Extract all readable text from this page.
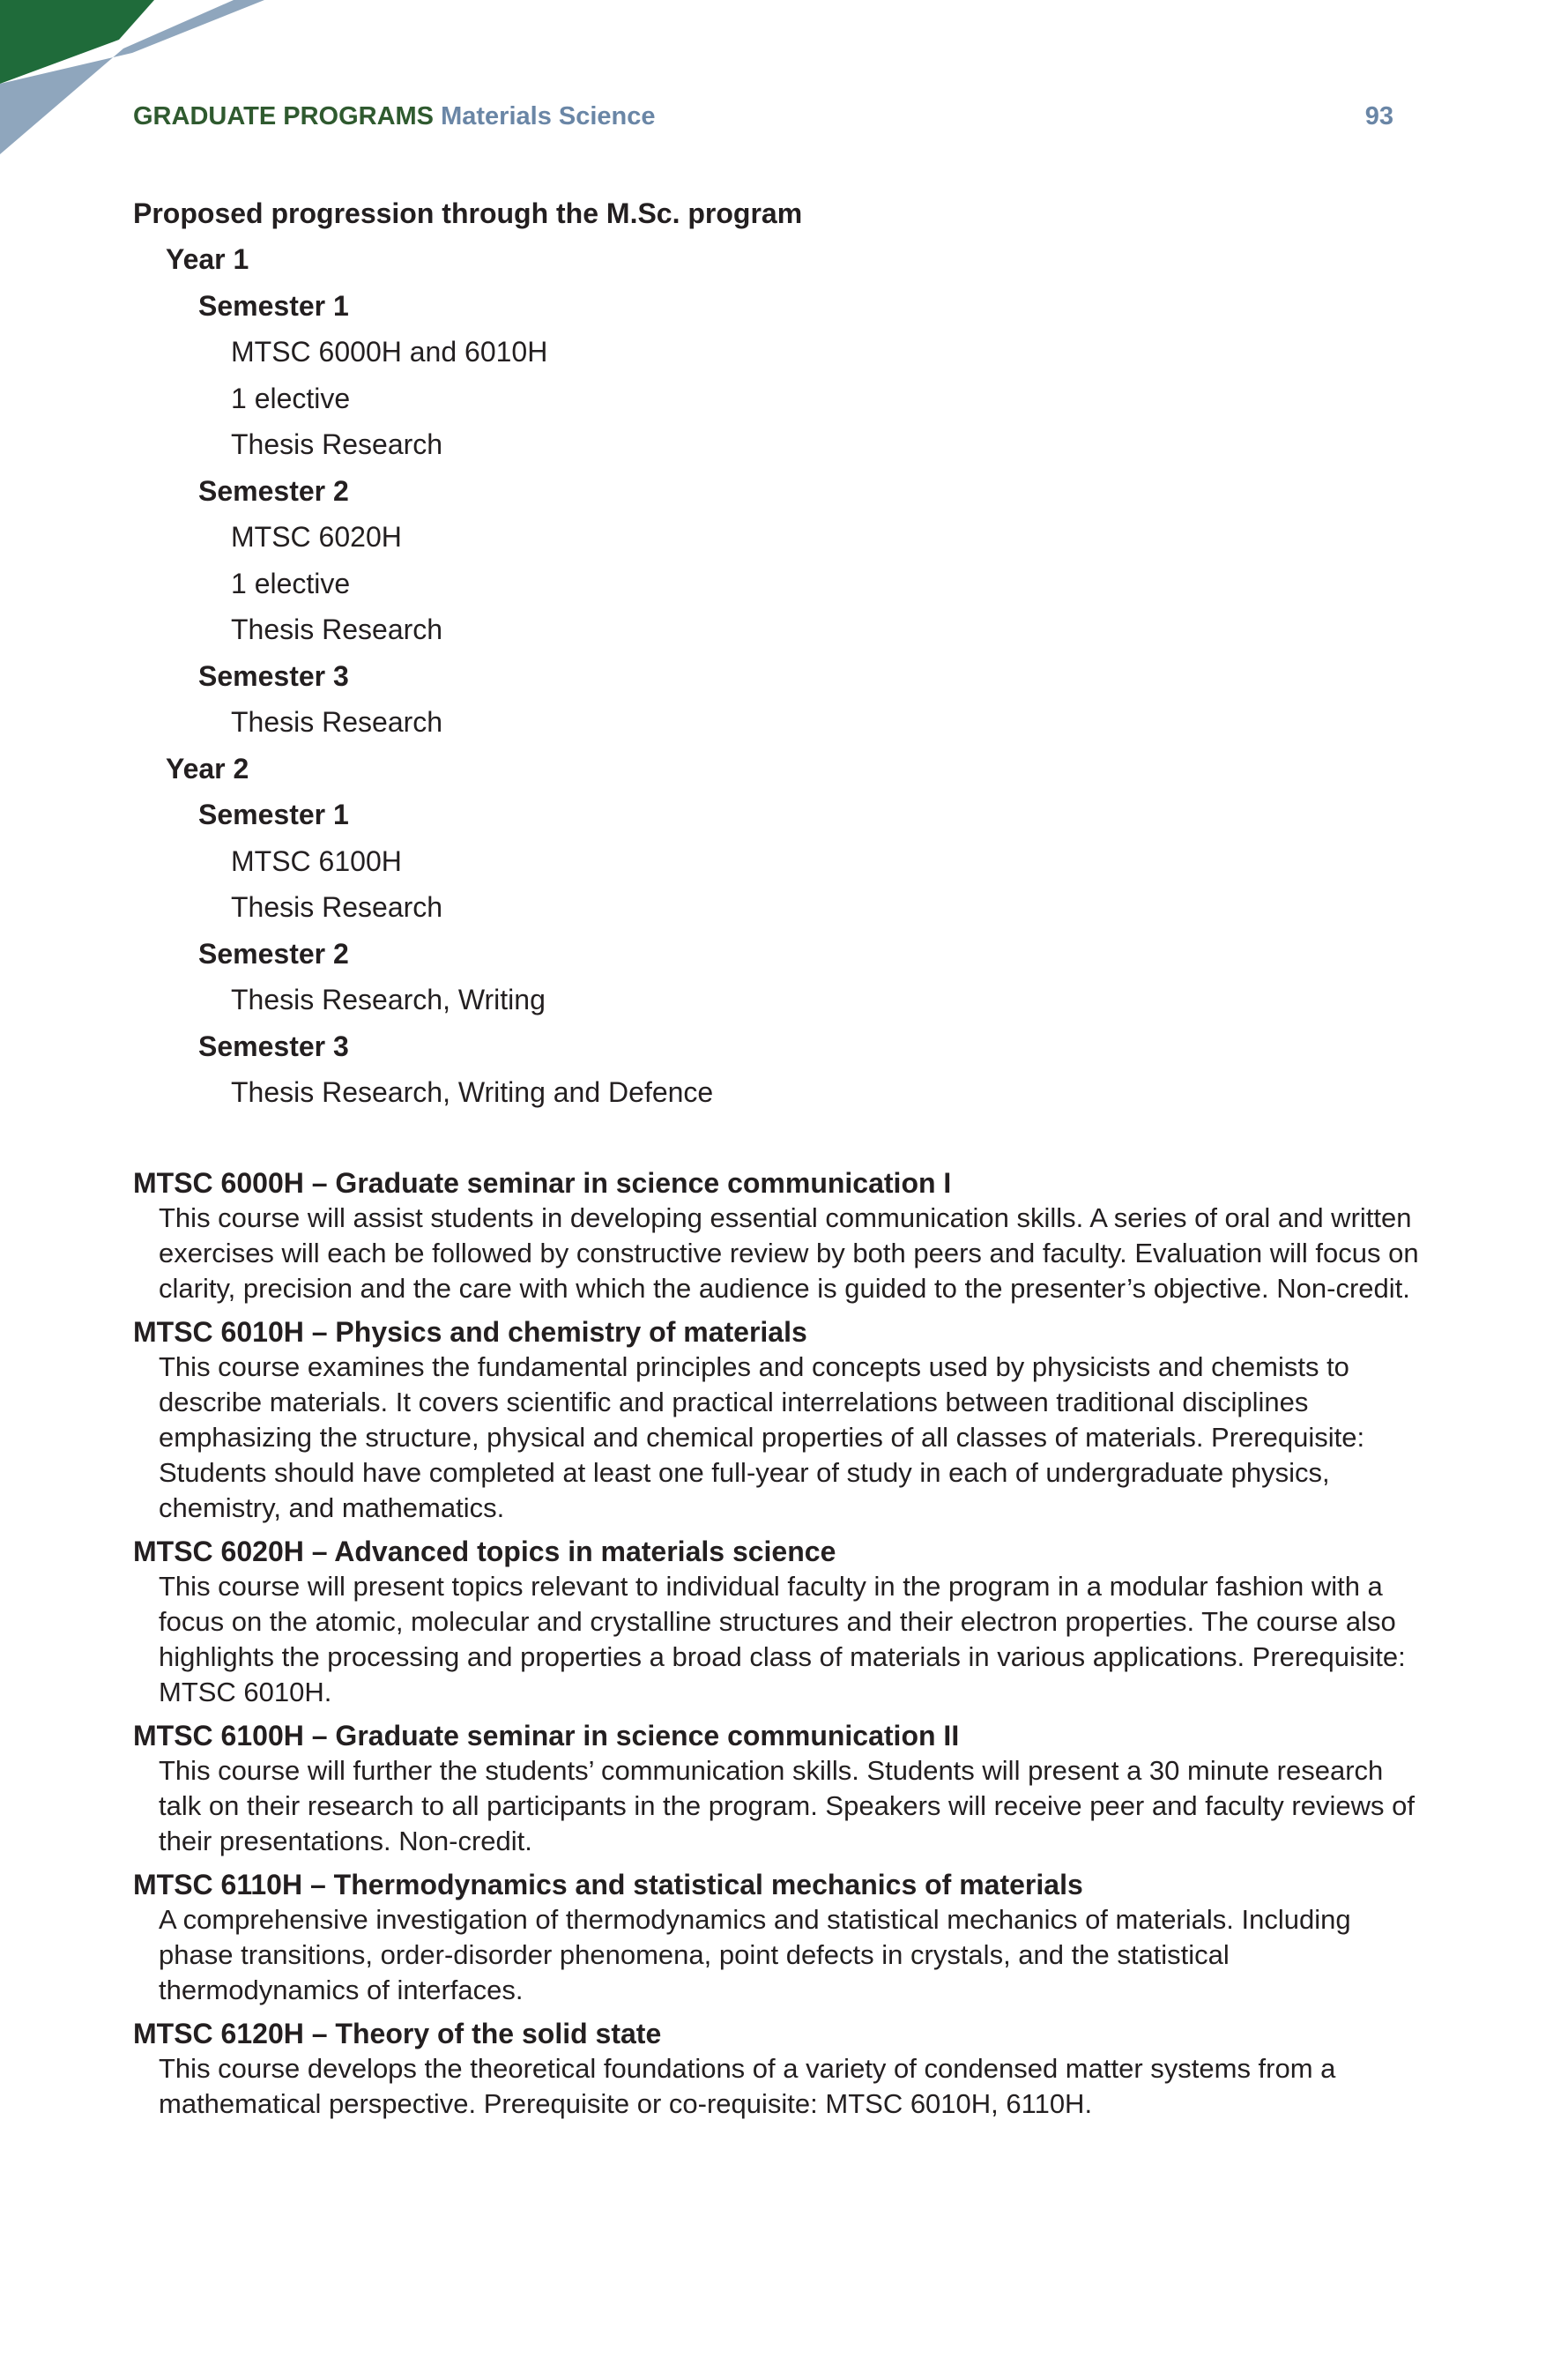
GRADUATE PROGRAMS Materials Science	93
Proposed progression through the M.Sc. program
Year 1
Semester 1
MTSC 6000H and 6010H
1 elective
Thesis Research
Semester 2
MTSC 6020H
1 elective
Thesis Research
Semester 3
Thesis Research
Year 2
Semester 1
MTSC 6100H
Thesis Research
Semester 2
Thesis Research, Writing
Semester 3
Thesis Research, Writing and Defence
MTSC 6000H – Graduate seminar in science communication I
This course will assist students in developing essential communication skills. A series of oral and written exercises will each be followed by constructive review by both peers and faculty. Evaluation will focus on clarity, precision and the care with which the audience is guided to the presenter’s objective. Non-credit.
MTSC 6010H – Physics and chemistry of materials
This course examines the fundamental principles and concepts used by physicists and chemists to describe materials. It covers scientific and practical interrelations between traditional disciplines emphasizing the structure, physical and chemical properties of all classes of materials. Prerequisite: Students should have completed at least one full-year of study in each of undergraduate physics, chemistry, and mathematics.
MTSC 6020H – Advanced topics in materials science
This course will present topics relevant to individual faculty in the program in a modular fashion with a focus on the atomic, molecular and crystalline structures and their electron properties. The course also highlights the processing and properties a broad class of materials in various applications. Prerequisite: MTSC 6010H.
MTSC 6100H – Graduate seminar in science communication II
This course will further the students’ communication skills. Students will present a 30 minute research talk on their research to all participants in the program. Speakers will receive peer and faculty reviews of their presentations. Non-credit.
MTSC 6110H – Thermodynamics and statistical mechanics of materials
A comprehensive investigation of thermodynamics and statistical mechanics of materials. Including phase transitions, order-disorder phenomena, point defects in crystals, and the statistical thermodynamics of interfaces.
MTSC 6120H – Theory of the solid state
This course develops the theoretical foundations of a variety of condensed matter systems from a mathematical perspective. Prerequisite or co-requisite: MTSC 6010H, 6110H.
